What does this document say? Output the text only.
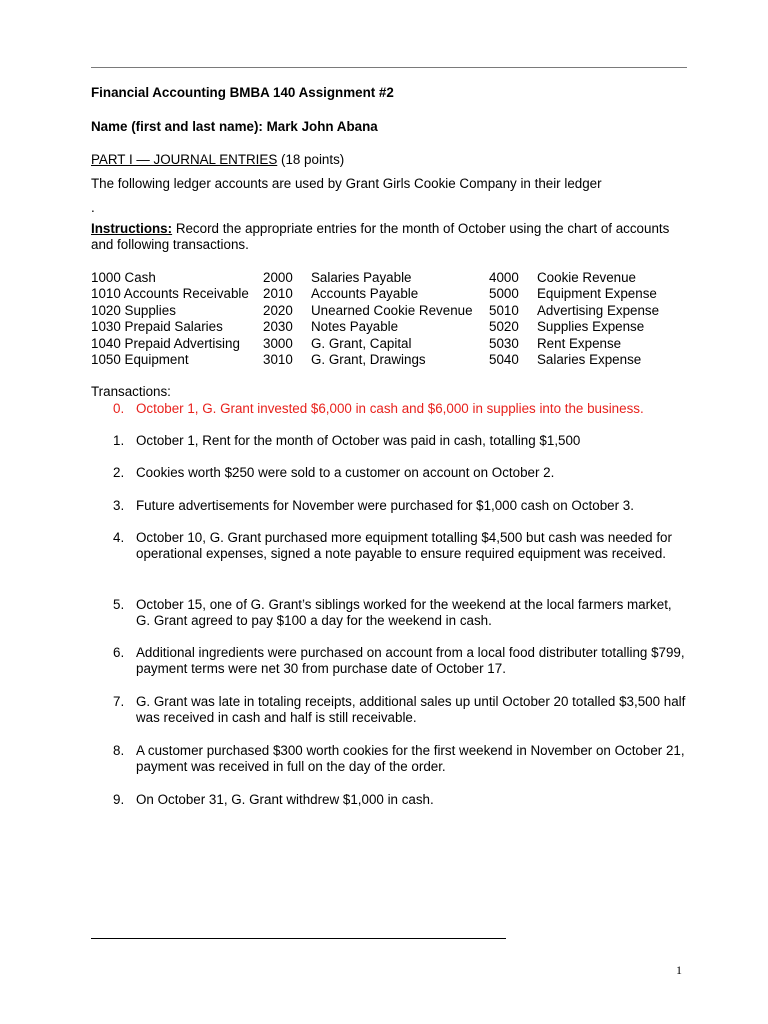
Financial Accounting BMBA 140 Assignment #2
Name (first and last name): Mark John Abana
PART I — JOURNAL ENTRIES (18 points)
The following ledger accounts are used by Grant Girls Cookie Company in their ledger
.
Instructions: Record the appropriate entries for the month of October using the chart of accounts and following transactions.
1000 Cash
1010 Accounts Receivable
1020 Supplies
1030 Prepaid Salaries
1040 Prepaid Advertising
1050 Equipment
2000
2010
2020
2030
3000
3010
Salaries Payable
Accounts Payable
Unearned Cookie Revenue
Notes Payable
G. Grant, Capital
G. Grant, Drawings
4000
5000
5010
5020
5030
5040
Cookie Revenue
Equipment Expense
Advertising Expense
Supplies Expense
Rent Expense
Salaries Expense
Transactions:
0. October 1, G. Grant invested $6,000 in cash and $6,000 in supplies into the business.
1. October 1, Rent for the month of October was paid in cash, totalling $1,500
2. Cookies worth $250 were sold to a customer on account on October 2.
3. Future advertisements for November were purchased for $1,000 cash on October 3.
4. October 10, G. Grant purchased more equipment totalling $4,500 but cash was needed for operational expenses, signed a note payable to ensure required equipment was received.
5. October 15, one of G. Grant’s siblings worked for the weekend at the local farmers market, G. Grant agreed to pay $100 a day for the weekend in cash.
6. Additional ingredients were purchased on account from a local food distributer totalling $799, payment terms were net 30 from purchase date of October 17.
7. G. Grant was late in totaling receipts, additional sales up until October 20 totalled $3,500 half was received in cash and half is still receivable.
8. A customer purchased $300 worth cookies for the first weekend in November on October 21, payment was received in full on the day of the order.
9. On October 31, G. Grant withdrew $1,000 in cash.
1
